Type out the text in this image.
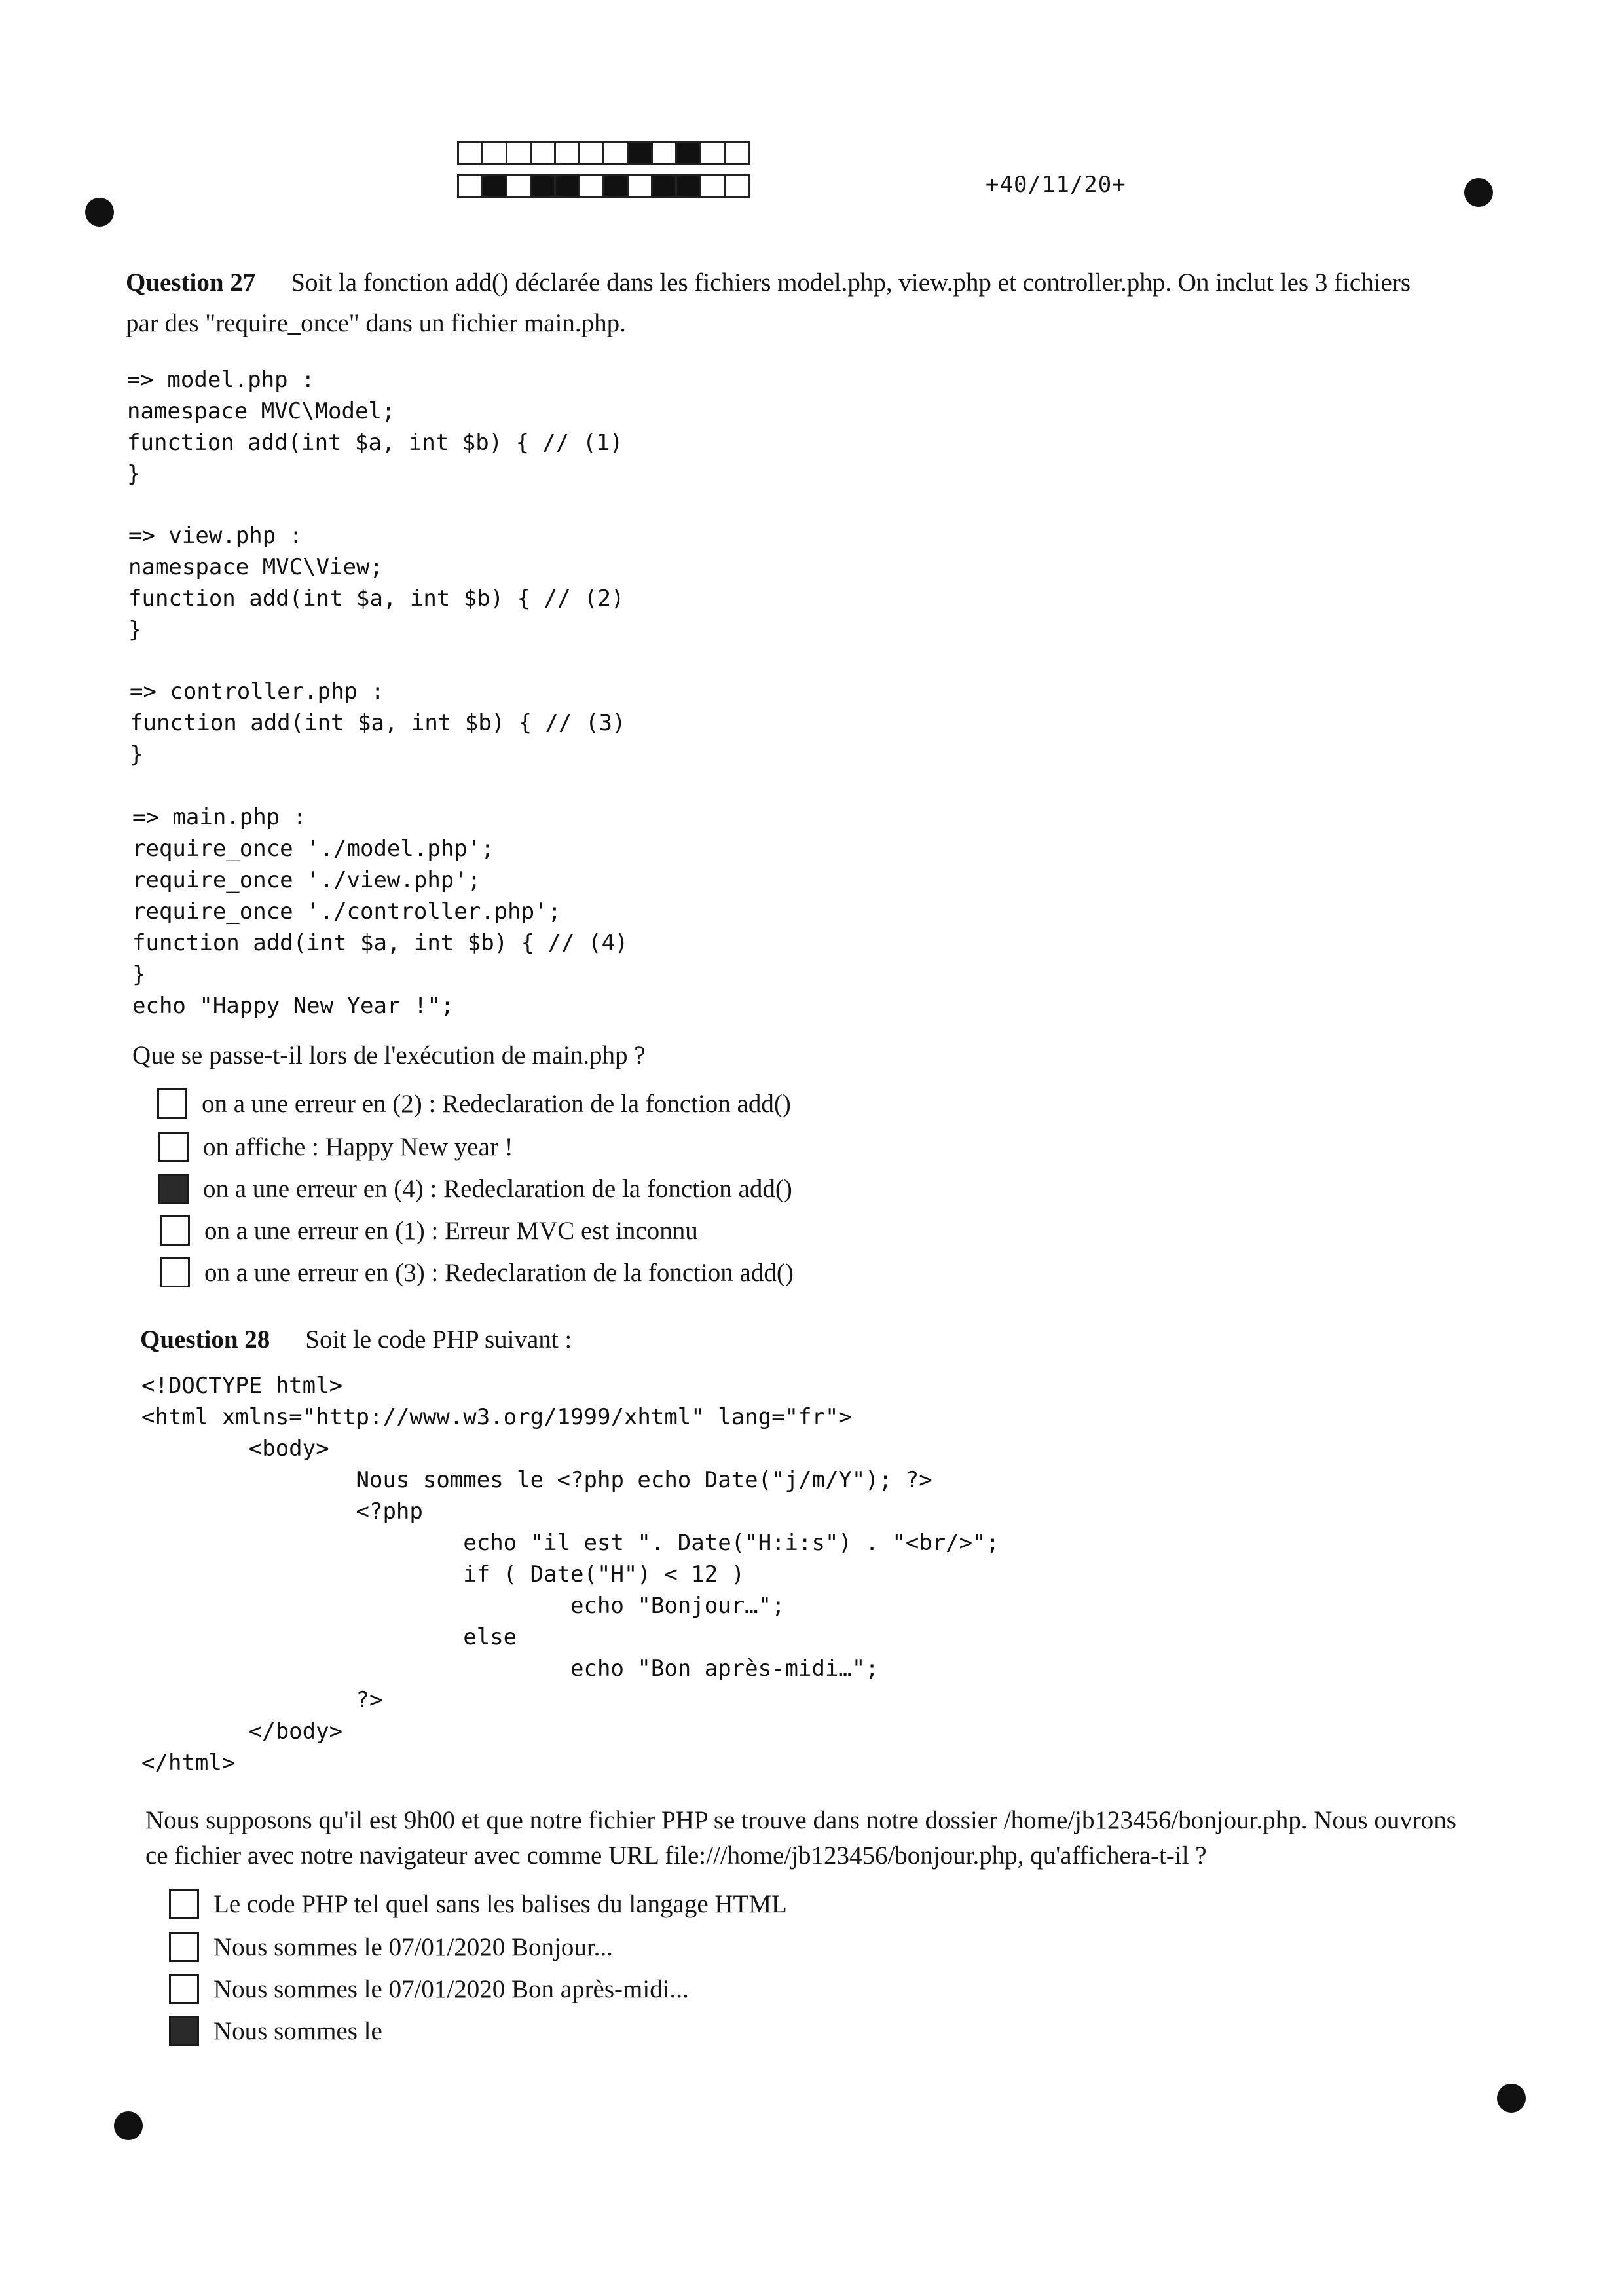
+40/11/20+
Question 27 Soit la fonction add() déclarée dans les fichiers model.php, view.php et controller.php. On inclut les 3 fichiers
par des "require_once" dans un fichier main.php.
=> model.php :
namespace MVC\Model;
function add(int $a, int $b) { // (1)
}
=> view.php :
namespace MVC\View;
function add(int $a, int $b) { // (2)
}
=> controller.php :
function add(int $a, int $b) { // (3)
}
=> main.php :
require_once './model.php';
require_once './view.php';
require_once './controller.php';
function add(int $a, int $b) { // (4)
}
echo "Happy New Year !";
Que se passe-t-il lors de l'exécution de main.php ?
on a une erreur en (2) : Redeclaration de la fonction add()
on affiche : Happy New year !
on a une erreur en (4) : Redeclaration de la fonction add()
on a une erreur en (1) : Erreur MVC est inconnu
on a une erreur en (3) : Redeclaration de la fonction add()
Question 28 Soit le code PHP suivant :
<!DOCTYPE html>
<html xmlns="http://www.w3.org/1999/xhtml" lang="fr">
<body>
Nous sommes le <?php echo Date("j/m/Y"); ?>
<?php
echo "il est ". Date("H:i:s") . "<br/>";
if ( Date("H") < 12 )
echo "Bonjour…";
else
echo "Bon après-midi…";
?>
</body>
</html>
Nous supposons qu'il est 9h00 et que notre fichier PHP se trouve dans notre dossier /home/jb123456/bonjour.php. Nous ouvrons
ce fichier avec notre navigateur avec comme URL file:///home/jb123456/bonjour.php, qu'affichera-t-il ?
Le code PHP tel quel sans les balises du langage HTML
Nous sommes le 07/01/2020 Bonjour...
Nous sommes le 07/01/2020 Bon après-midi...
Nous sommes le
